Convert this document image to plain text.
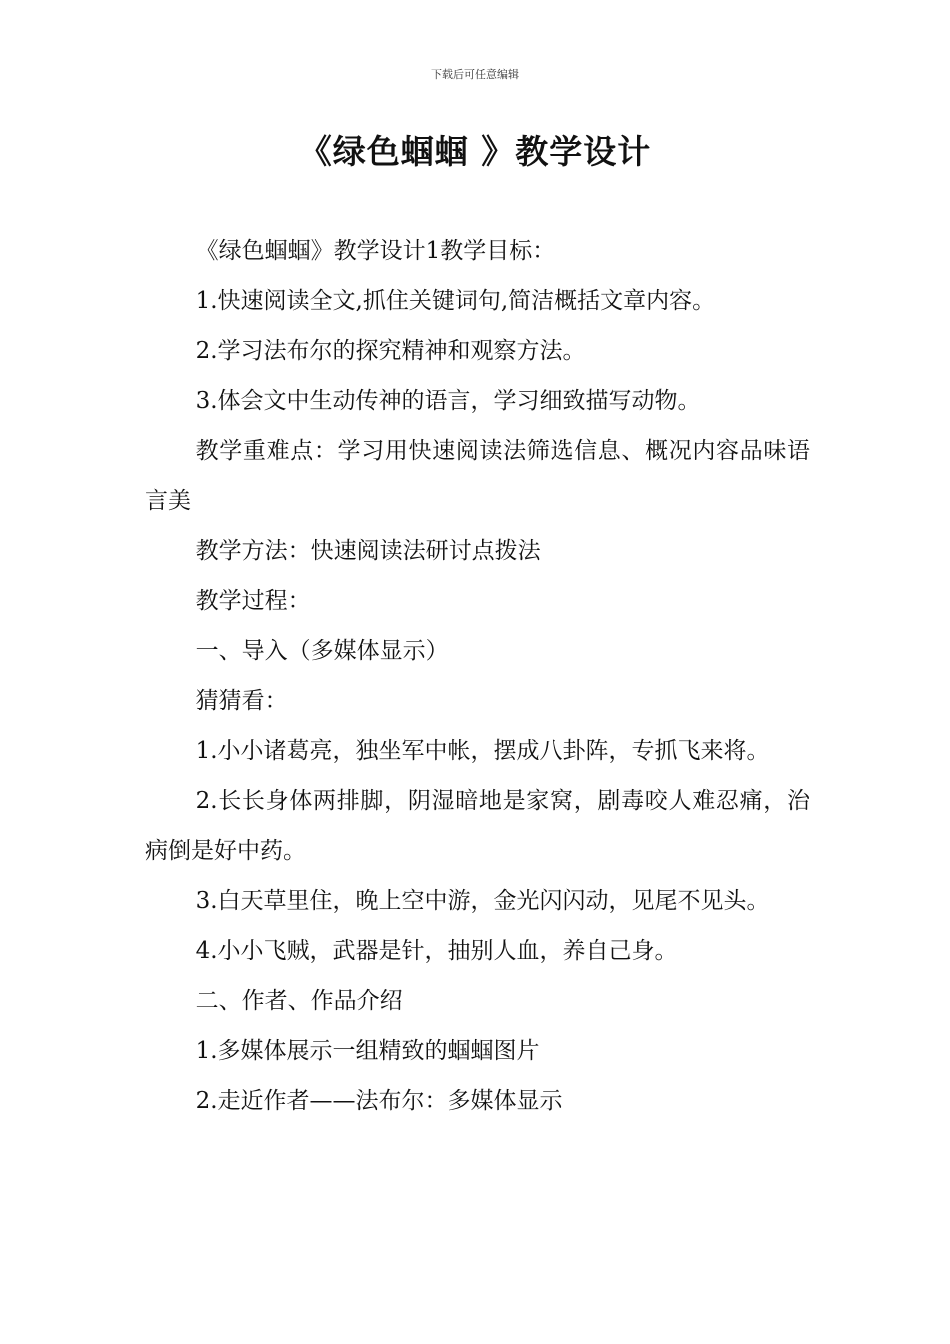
下载后可任意编辑
《绿色蝈蝈 》教学设计

《绿色蝈蝈》教学设计1教学目标：

1.快速阅读全文,抓住关键词句,简洁概括文章内容。

2.学习法布尔的探究精神和观察方法。

3.体会文中生动传神的语言，学习细致描写动物。

教学重难点：学习用快速阅读法筛选信息、概况内容品味语言美

教学方法：快速阅读法研讨点拨法

教学过程：

一、导入（多媒体显示）

猜猜看：

1.小小诸葛亮，独坐军中帐，摆成八卦阵，专抓飞来将。

2.长长身体两排脚，阴湿暗地是家窝，剧毒咬人难忍痛，治病倒是好中药。

3.白天草里住，晚上空中游，金光闪闪动，见尾不见头。

4.小小飞贼，武器是针，抽别人血，养自己身。

二、作者、作品介绍

1.多媒体展示一组精致的蝈蝈图片

2.走近作者——法布尔：多媒体显示
